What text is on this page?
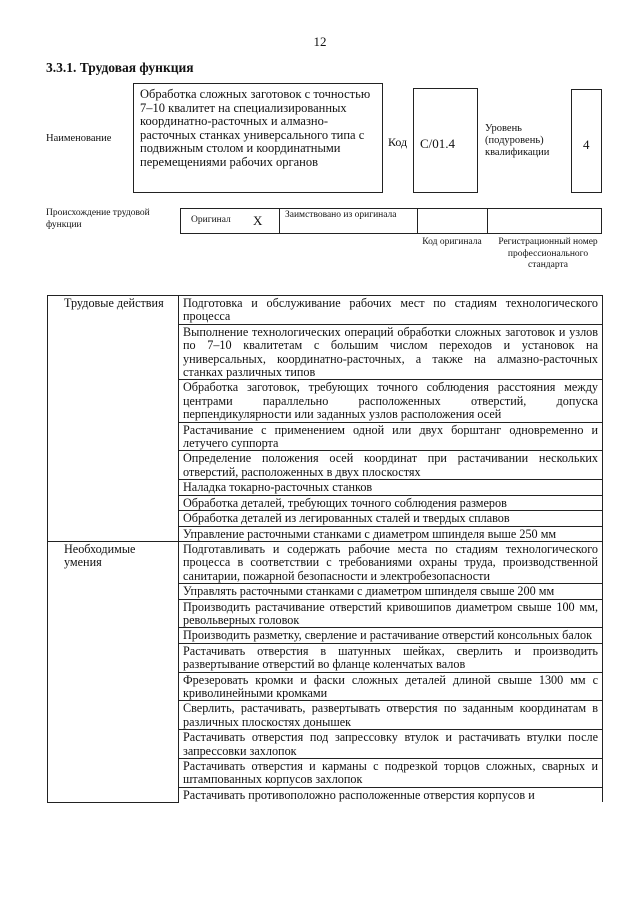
12
3.3.1. Трудовая функция
Наименование
Обработка сложных заготовок с точностью 7–10 квалитет на специализированных координатно-расточных и алмазно-расточных станках универсального типа с подвижным столом и координатными перемещениями рабочих органов
Код C/01.4
Уровень (подуровень) квалификации
4
Происхождение трудовой функции	Оригинал X Заимствовано из оригинала
Код оригинала	Регистрационный номер профессионального стандарта
Трудовые действия	Подготовка и обслуживание рабочих мест по стадиям технологического процесса
	Выполнение технологических операций обработки сложных заготовок и узлов по 7–10 квалитетам с большим числом переходов и установок на универсальных, координатно-расточных, а также на алмазно-расточных станках различных типов
	Обработка заготовок, требующих точного соблюдения расстояния между центрами параллельно расположенных отверстий, допуска перпендикулярности или заданных узлов расположения осей
	Растачивание с применением одной или двух борштанг одновременно и летучего суппорта
	Определение положения осей координат при растачивании нескольких отверстий, расположенных в двух плоскостях
	Наладка токарно-расточных станков
	Обработка деталей, требующих точного соблюдения размеров
	Обработка деталей из легированных сталей и твердых сплавов
	Управление расточными станками с диаметром шпинделя выше 250 мм
Необходимые умения	Подготавливать и содержать рабочие места по стадиям технологического процесса в соответствии с требованиями охраны труда, производственной санитарии, пожарной безопасности и электробезопасности
	Управлять расточными станками с диаметром шпинделя свыше 200 мм
	Производить растачивание отверстий кривошипов диаметром свыше 100 мм, револьверных головок
	Производить разметку, сверление и растачивание отверстий консольных балок
	Растачивать отверстия в шатунных шейках, сверлить и производить развертывание отверстий во фланце коленчатых валов
	Фрезеровать кромки и фаски сложных деталей длиной свыше 1300 мм с криволинейными кромками
	Сверлить, растачивать, развертывать отверстия по заданным координатам в различных плоскостях донышек
	Растачивать отверстия под запрессовку втулок и растачивать втулки после запрессовки захлопок
	Растачивать отверстия и карманы с подрезкой торцов сложных, сварных и штампованных корпусов захлопок
	Растачивать противоположно расположенные отверстия корпусов и
